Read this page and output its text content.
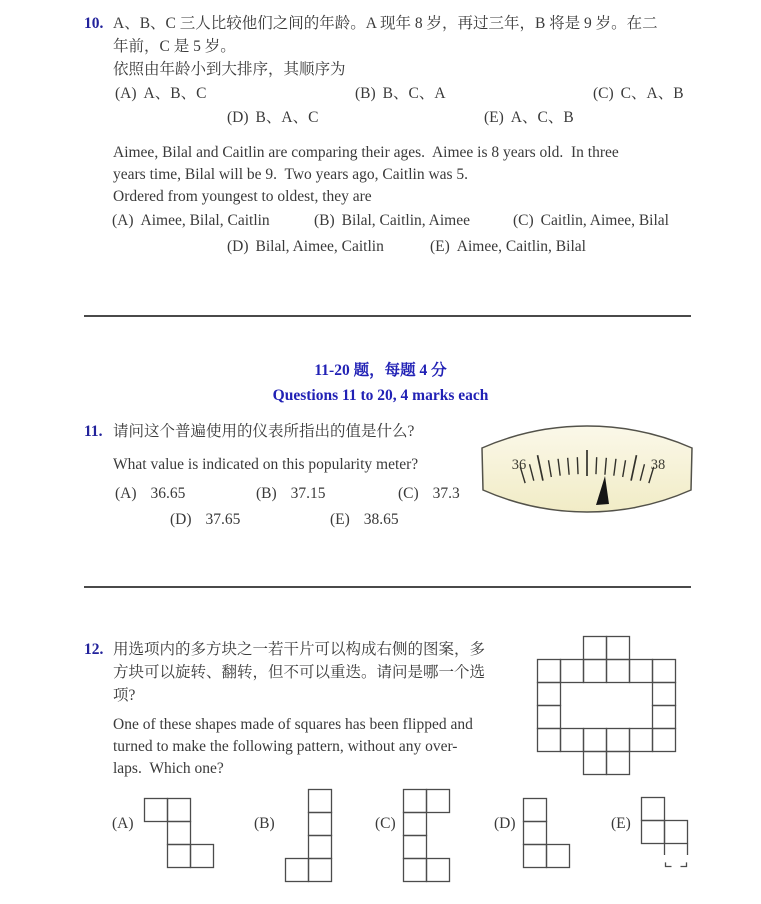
10. A、B、C 三人比较他们之间的年龄。A 现年 8 岁，再过三年，B 将是 9 岁。在二
年前，C 是 5 岁。
依照由年龄小到大排序，其顺序为
(A) A、B、C	(B) B、C、A	(C) C、A、B
(D) B、A、C	(E) A、C、B
Aimee, Bilal and Caitlin are comparing their ages.  Aimee is 8 years old.  In three
years time, Bilal will be 9.  Two years ago, Caitlin was 5.
Ordered from youngest to oldest, they are
(A) Aimee, Bilal, Caitlin	(B) Bilal, Caitlin, Aimee	(C) Caitlin, Aimee, Bilal
(D) Bilal, Aimee, Caitlin	(E) Aimee, Caitlin, Bilal
11-20 题，每题 4 分
Questions 11 to 20, 4 marks each
11. 请问这个普遍使用的仪表所指出的值是什么?
What value is indicated on this popularity meter?
(A) 36.65	(B) 37.15	(C) 37.3
(D) 37.65	(E) 38.65
36	38
12. 用选项内的多方块之一若干片可以构成右侧的图案，多
方块可以旋转、翻转，但不可以重迭。请问是哪一个选
项?
One of these shapes made of squares has been flipped and
turned to make the following pattern, without any over-
laps.  Which one?
(A)	(B)	(C)	(D)	(E)
